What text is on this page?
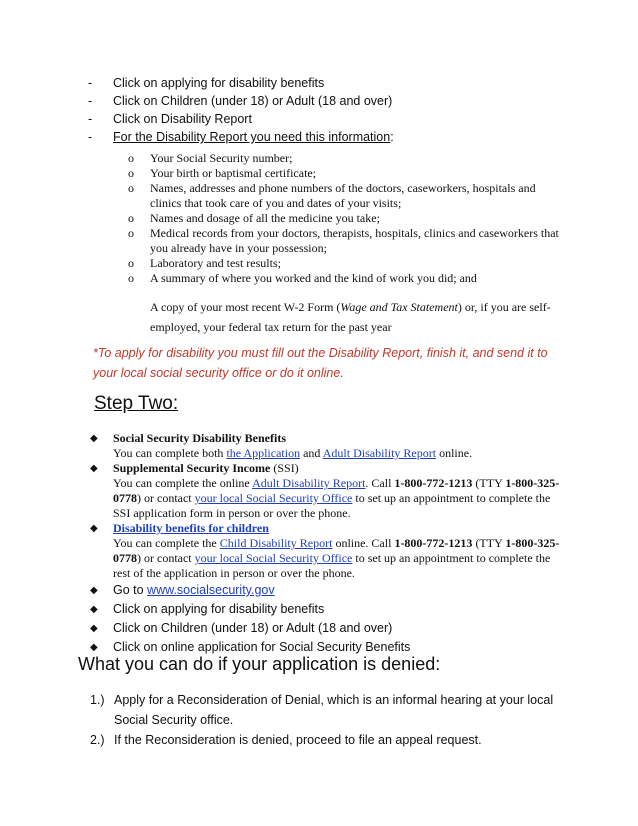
-	Click on applying for disability benefits
-	Click on Children (under 18) or Adult (18 and over)
-	Click on Disability Report
-	For the Disability Report you need this information:
o	Your Social Security number;
o	Your birth or baptismal certificate;
o	Names, addresses and phone numbers of the doctors, caseworkers, hospitals and clinics that took care of you and dates of your visits;
o	Names and dosage of all the medicine you take;
o	Medical records from your doctors, therapists, hospitals, clinics and caseworkers that you already have in your possession;
o	Laboratory and test results;
o	A summary of where you worked and the kind of work you did; and
A copy of your most recent W-2 Form (Wage and Tax Statement) or, if you are self-employed, your federal tax return for the past year
*To apply for disability you must fill out the Disability Report, finish it, and send it to your local social security office or do it online.
Step Two:
◆	Social Security Disability Benefits
You can complete both the Application and Adult Disability Report online.
◆	Supplemental Security Income (SSI)
You can complete the online Adult Disability Report. Call 1-800-772-1213 (TTY 1-800-325-0778) or contact your local Social Security Office to set up an appointment to complete the SSI application form in person or over the phone.
◆	Disability benefits for children
You can complete the Child Disability Report online. Call 1-800-772-1213 (TTY 1-800-325-0778) or contact your local Social Security Office to set up an appointment to complete the rest of the application in person or over the phone.
◆	Go to www.socialsecurity.gov
◆	Click on applying for disability benefits
◆	Click on Children (under 18) or Adult (18 and over)
◆	Click on online application for Social Security Benefits
What you can do if your application is denied:
1.) Apply for a Reconsideration of Denial, which is an informal hearing at your local Social Security office.
2.) If the Reconsideration is denied, proceed to file an appeal request.
